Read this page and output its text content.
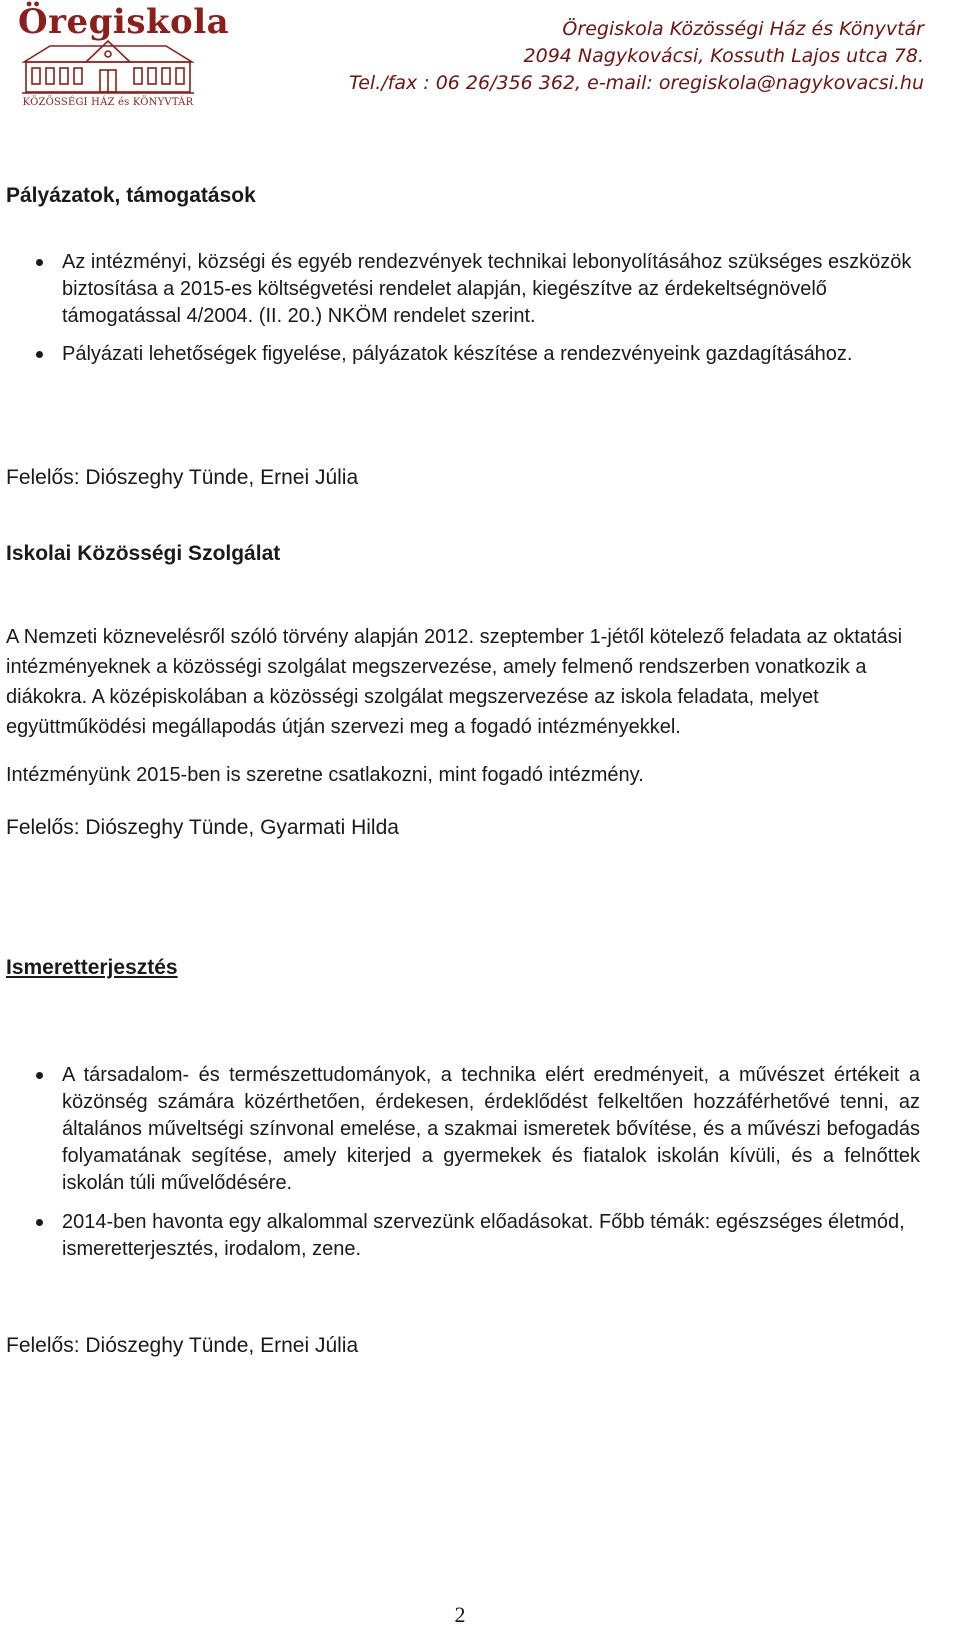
Öregiskola
KÖZÖSSÉGI HÁZ és KÖNYVTÁR
Öregiskola Közösségi Ház és Könyvtár
2094 Nagykovácsi, Kossuth Lajos utca 78.
Tel./fax : 06 26/356 362, e-mail: oregiskola@nagykovacsi.hu
Pályázatok, támogatások
Az intézményi, községi és egyéb rendezvények technikai lebonyolításához szükséges eszközök biztosítása a 2015-es költségvetési rendelet alapján, kiegészítve az érdekeltségnövelő támogatással 4/2004. (II. 20.) NKÖM rendelet szerint.
Pályázati lehetőségek figyelése, pályázatok készítése a rendezvényeink gazdagításához.
Felelős: Diószeghy Tünde, Ernei Júlia
Iskolai Közösségi Szolgálat

A Nemzeti köznevelésről szóló törvény alapján 2012. szeptember 1-jétől kötelező feladata az oktatási intézményeknek a közösségi szolgálat megszervezése, amely felmenő rendszerben vonatkozik a diákokra. A középiskolában a közösségi szolgálat megszervezése az iskola feladata, melyet együttműködési megállapodás útján szervezi meg a fogadó intézményekkel.

Intézményünk 2015-ben is szeretne csatlakozni, mint fogadó intézmény.

Felelős: Diószeghy Tünde, Gyarmati Hilda
Ismeretterjesztés
A társadalom- és természettudományok, a technika elért eredményeit, a művészet értékeit a közönség számára közérthetően, érdekesen, érdeklődést felkeltően hozzáférhetővé tenni, az általános műveltségi színvonal emelése, a szakmai ismeretek bővítése, és a művészi befogadás folyamatának segítése, amely kiterjed a gyermekek és fiatalok iskolán kívüli, és a felnőttek iskolán túli művelődésére.
2014-ben havonta egy alkalommal szervezünk előadásokat. Főbb témák: egészséges életmód, ismeretterjesztés, irodalom, zene.
Felelős: Diószeghy Tünde, Ernei Júlia
2
